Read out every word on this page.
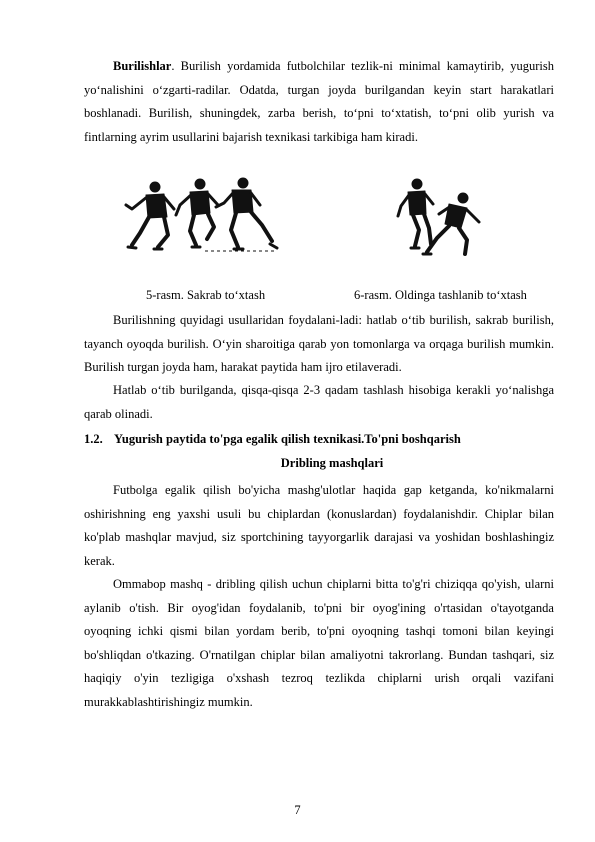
Burilishlar. Burilish yordamida futbolchilar tezlik-ni minimal kamaytirib, yugurish yo‘nalishini o‘zgarti-radilar. Odatda, turgan joyda burilgandan keyin start harakatlari boshlanadi. Burilish, shuningdek, zarba berish, to‘pni to‘xtatish, to‘pni olib yurish va fintlarning ayrim usullarini bajarish texnikasi tarkibiga ham kiradi.

5-rasm. Sakrab to‘xtash	6-rasm. Oldinga tashlanib to‘xtash

Burilishning quyidagi usullaridan foydalani-ladi: hatlab o‘tib burilish, sakrab burilish, tayanch oyoqda burilish. O‘yin sharoitiga qarab yon tomonlarga va orqaga burilish mumkin. Burilish turgan joyda ham, harakat paytida ham ijro etilaveradi.

Hatlab o‘tib burilganda, qisqa-qisqa 2-3 qadam tashlash hisobiga kerakli yo‘nalishga qarab olinadi.

1.2. Yugurish paytida to'pga egalik qilish texnikasi.To'pni boshqarish

Dribling mashqlari

Futbolga egalik qilish bo'yicha mashg'ulotlar haqida gap ketganda, ko'nikmalarni oshirishning eng yaxshi usuli bu chiplardan (konuslardan) foydalanishdir. Chiplar bilan ko'plab mashqlar mavjud, siz sportchining tayyorgarlik darajasi va yoshidan boshlashingiz kerak.

Ommabop mashq - dribling qilish uchun chiplarni bitta to'g'ri chiziqqa qo'yish, ularni aylanib o'tish. Bir oyog'idan foydalanib, to'pni bir oyog'ining o'rtasidan o'tayotganda oyoqning ichki qismi bilan yordam berib, to'pni oyoqning tashqi tomoni bilan keyingi bo'shliqdan o'tkazing. O'rnatilgan chiplar bilan amaliyotni takrorlang. Bundan tashqari, siz haqiqiy o'yin tezligiga o'xshash tezroq tezlikda chiplarni urish orqali vazifani murakkablashtirishingiz mumkin.

7
